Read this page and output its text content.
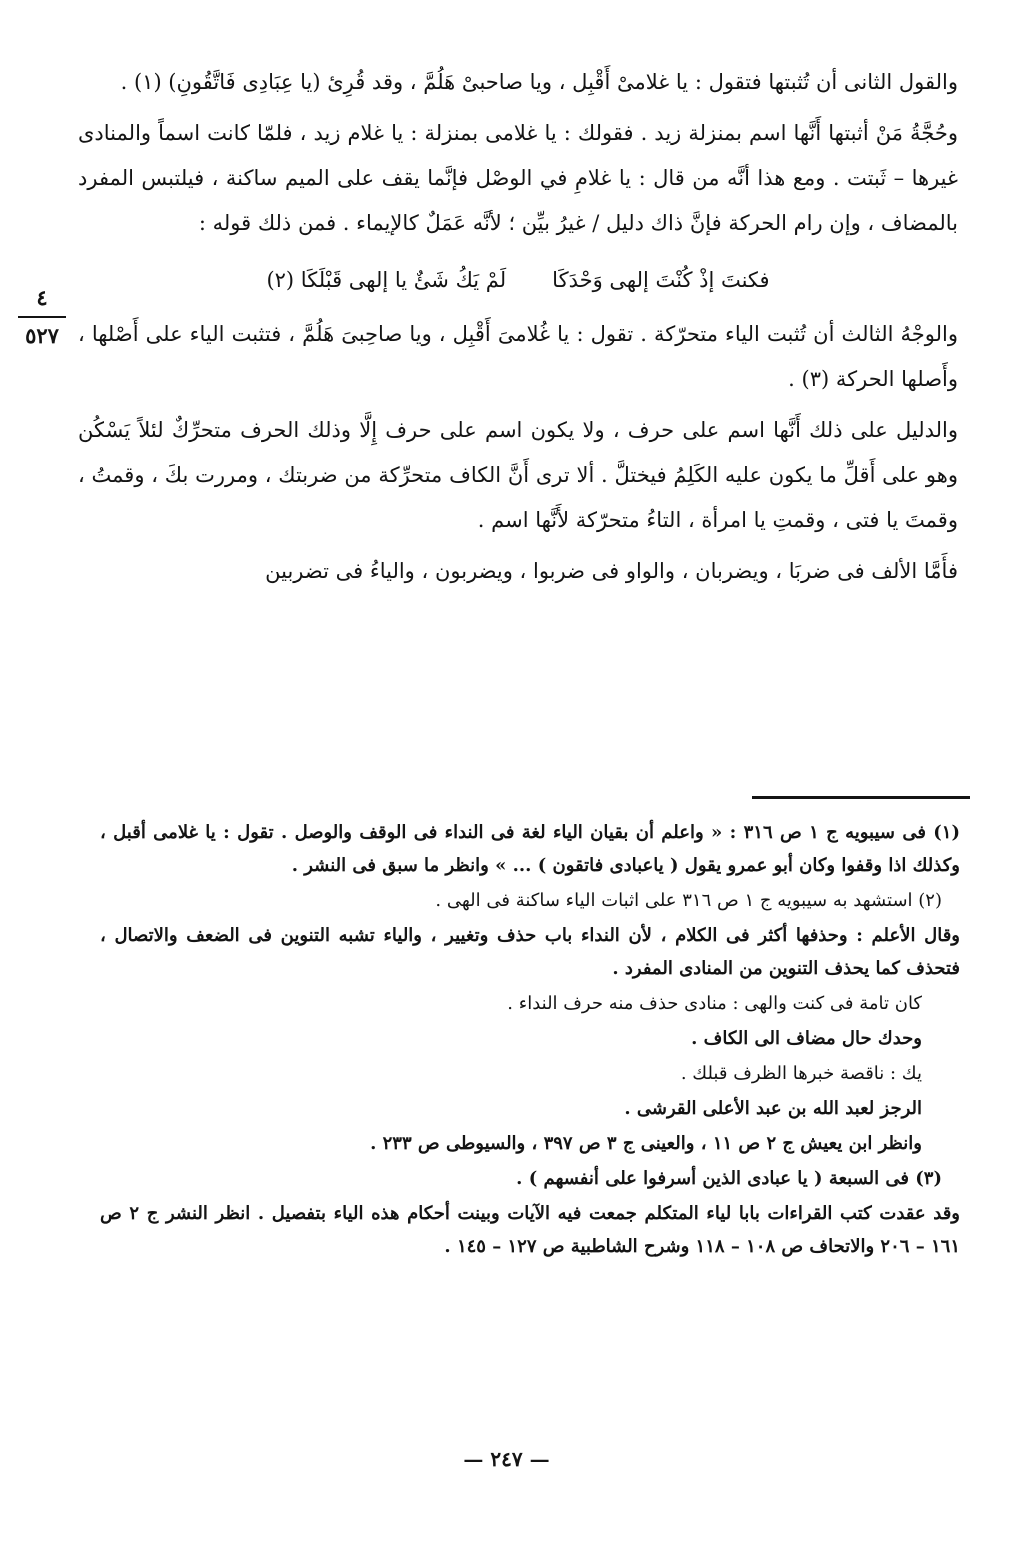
٤
٥٢٧

والقول الثانى أن تُثبتها فتقول : يا غلامىْ أَقْبِل ، ويا صاحبىْ هَلُمَّ ، وقد قُرِئ (يا عِبَادِى فَاتَّقُونِ) (١) .

وحُجَّةُ مَنْ أثبتها أَنَّها اسم بمنزلة زيد . فقولك : يا غلامى بمنزلة : يا غلام زيد ، فلمّا كانت اسماً والمنادى غيرها – ثَبتت . ومع هذا أنَّه من قال : يا غلامِ في الوصْل فإنَّما يقف على الميم ساكنة ، فيلتبس المفرد بالمضاف ، وإن رام الحركة فإنَّ ذاك دليل / غيرُ بيِّن ؛ لأنَّه عَمَلٌ كالإيماء . فمن ذلك قوله :

فكنتَ إذْ كُنْتَ إلهى وَحْدَكَا
لَمْ يَكُ شَئٌ يا إلهى قَبْلَكَا (٢)

والوجْهُ الثالث أن تُثبت الياء متحرّكة . تقول : يا غُلامىَ أَقْبِل ، ويا صاحِبىَ هَلُمَّ ، فتثبت الياء على أَصْلها ، وأَصلها الحركة (٣) .

والدليل على ذلك أَنَّها اسم على حرف ، ولا يكون اسم على حرف إِلَّا وذلك الحرف متحرِّكٌ لئلاً يَسْكُن وهو على أَقلِّ ما يكون عليه الكَلِمُ فيختلَّ . ألا ترى أَنَّ الكاف متحرِّكة من ضربتك ، ومررت بكَ ، وقمتُ ، وقمتَ يا فتى ، وقمتِ يا امرأة ، التاءُ متحرّكة لأَنَّها اسم .

فأَمَّا الألف فى ضربَا ، ويضربان ، والواو فى ضربوا ، ويضربون ، والياءُ فى تضربين

(١) فى سيبويه ج ١ ص ٣١٦ : « واعلم أن بقيان الياء لغة فى النداء فى الوقف والوصل . تقول : يا غلامى أقبل ، وكذلك اذا وقفوا وكان أبو عمرو يقول ( ياعبادى فاتقون ) ... » وانظر ما سبق فى النشر .

(٢) استشهد به سيبويه ج ١ ص ٣١٦ على اثبات الياء ساكنة فى الهى .

وقال الأعلم : وحذفها أكثر فى الكلام ، لأن النداء باب حذف وتغيير ، والياء تشبه التنوين فى الضعف والاتصال ، فتحذف كما يحذف التنوين من المنادى المفرد .

كان تامة فى كنت والهى : منادى حذف منه حرف النداء .

وحدك حال مضاف الى الكاف .

يك : ناقصة خبرها الظرف قبلك .

الرجز لعبد الله بن عبد الأعلى القرشى .

وانظر ابن يعيش ج ٢ ص ١١ ، والعينى ج ٣ ص ٣٩٧ ، والسيوطى ص ٢٣٣ .

(٣) فى السبعة ( يا عبادى الذين أسرفوا على أنفسهم ) .

وقد عقدت كتب القراءات بابا لياء المتكلم جمعت فيه الآيات وبينت أحكام هذه الياء بتفصيل . انظر النشر ج ٢ ص ١٦١ – ٢٠٦ والاتحاف ص ١٠٨ – ١١٨ وشرح الشاطبية ص ١٢٧ – ١٤٥ .

— ٢٤٧ —
